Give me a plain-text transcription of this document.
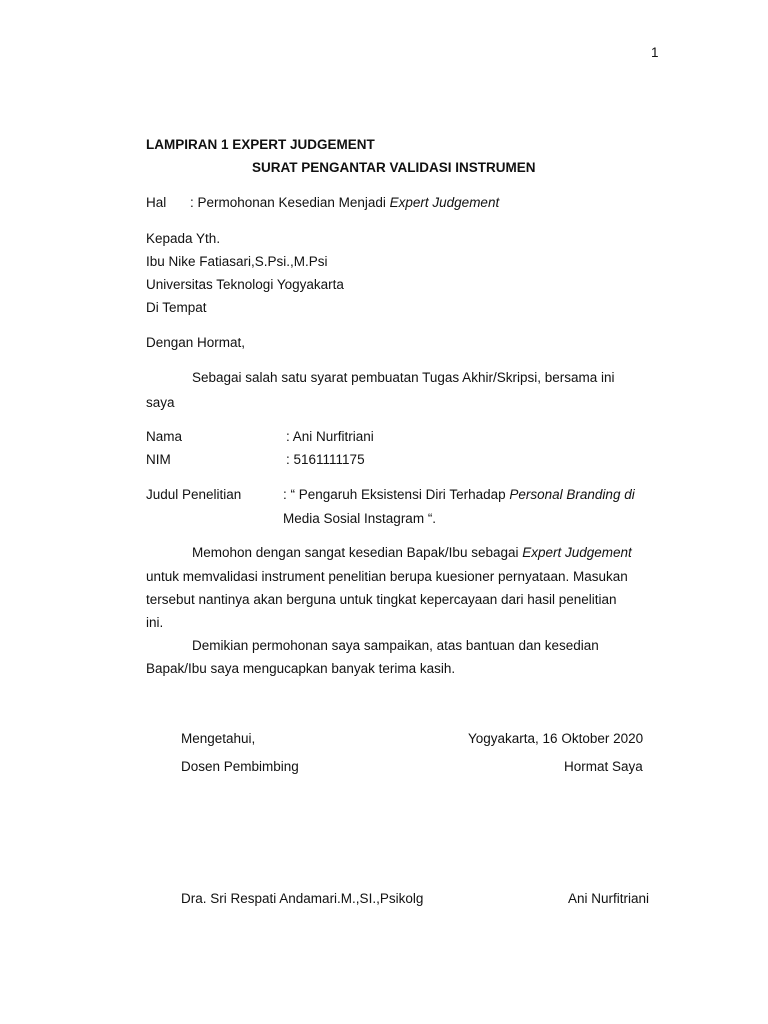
1
LAMPIRAN 1 EXPERT JUDGEMENT
SURAT PENGANTAR VALIDASI INSTRUMEN
Hal : Permohonan Kesedian Menjadi Expert Judgement
Kepada Yth.
Ibu Nike Fatiasari,S.Psi.,M.Psi
Universitas Teknologi Yogyakarta
Di Tempat
Dengan Hormat,
Sebagai salah satu syarat pembuatan Tugas Akhir/Skripsi, bersama ini
saya
Nama	: Ani Nurfitriani
NIM	: 5161111175
Judul Penelitian	: “ Pengaruh Eksistensi Diri Terhadap Personal Branding di
Media Sosial Instagram “.
Memohon dengan sangat kesedian Bapak/Ibu sebagai Expert Judgement
untuk memvalidasi instrument penelitian berupa kuesioner pernyataan. Masukan
tersebut nantinya akan berguna untuk tingkat kepercayaan dari hasil penelitian
ini.
Demikian permohonan saya sampaikan, atas bantuan dan kesedian
Bapak/Ibu saya mengucapkan banyak terima kasih.
Mengetahui,	Yogyakarta, 16 Oktober 2020
Dosen Pembimbing	Hormat Saya
Dra. Sri Respati Andamari.M.,SI.,Psikolg	Ani Nurfitriani
